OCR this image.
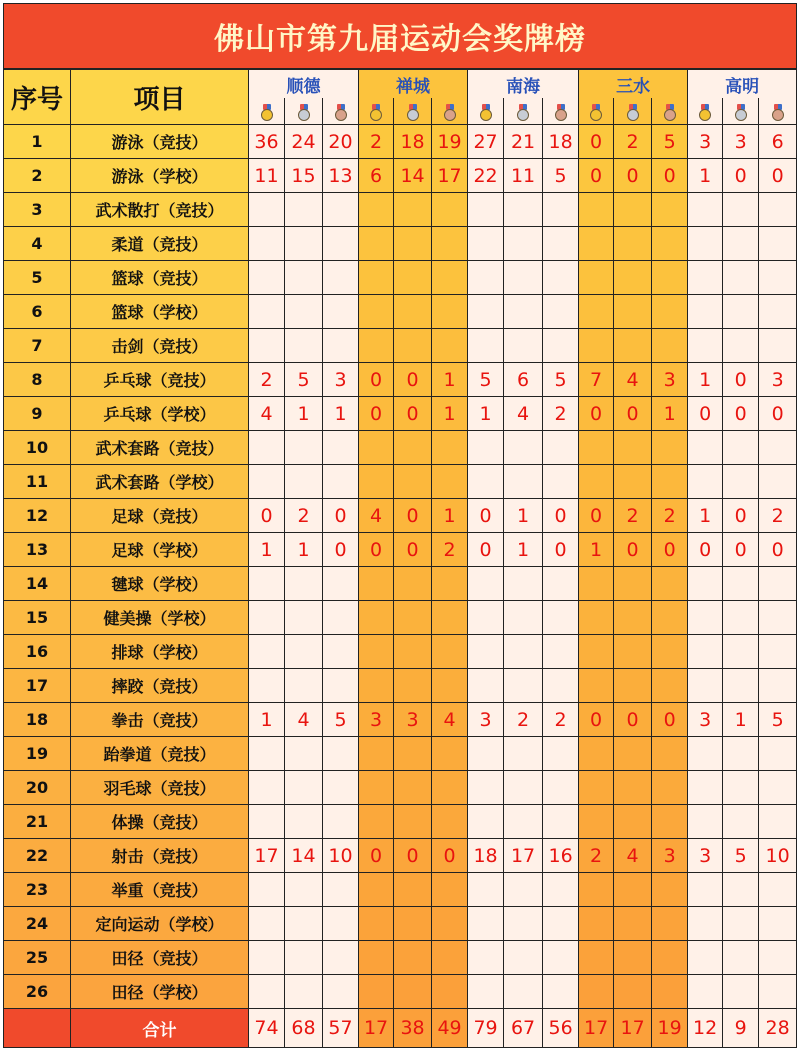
佛山市第九届运动会奖牌榜
序号	项目	顺德			禅城			南海			三水			高明		

1	游泳（竞技）	36	24	20	2	18	19	27	21	18	0	2	5	3	3	6
2	游泳（学校）	11	15	13	6	14	17	22	11	5	0	0	0	1	0	0
3	武术散打（竞技）															
4	柔道（竞技）															
5	篮球（竞技）															
6	篮球（学校）															
7	击剑（竞技）															
8	乒乓球（竞技）	2	5	3	0	0	1	5	6	5	7	4	3	1	0	3
9	乒乓球（学校）	4	1	1	0	0	1	1	4	2	0	0	1	0	0	0
10	武术套路（竞技）															
11	武术套路（学校）															
12	足球（竞技）	0	2	0	4	0	1	0	1	0	0	2	2	1	0	2
13	足球（学校）	1	1	0	0	0	2	0	1	0	1	0	0	0	0	0
14	毽球（学校）															
15	健美操（学校）															
16	排球（学校）															
17	摔跤（竞技）															
18	拳击（竞技）	1	4	5	3	3	4	3	2	2	0	0	0	3	1	5
19	跆拳道（竞技）															
20	羽毛球（竞技）															
21	体操（竞技）															
22	射击（竞技）	17	14	10	0	0	0	18	17	16	2	4	3	3	5	10
23	举重（竞技）															
24	定向运动（学校）															
25	田径（竞技）															
26	田径（学校）															
	合计	74	68	57	17	38	49	79	67	56	17	17	19	12	9	28
